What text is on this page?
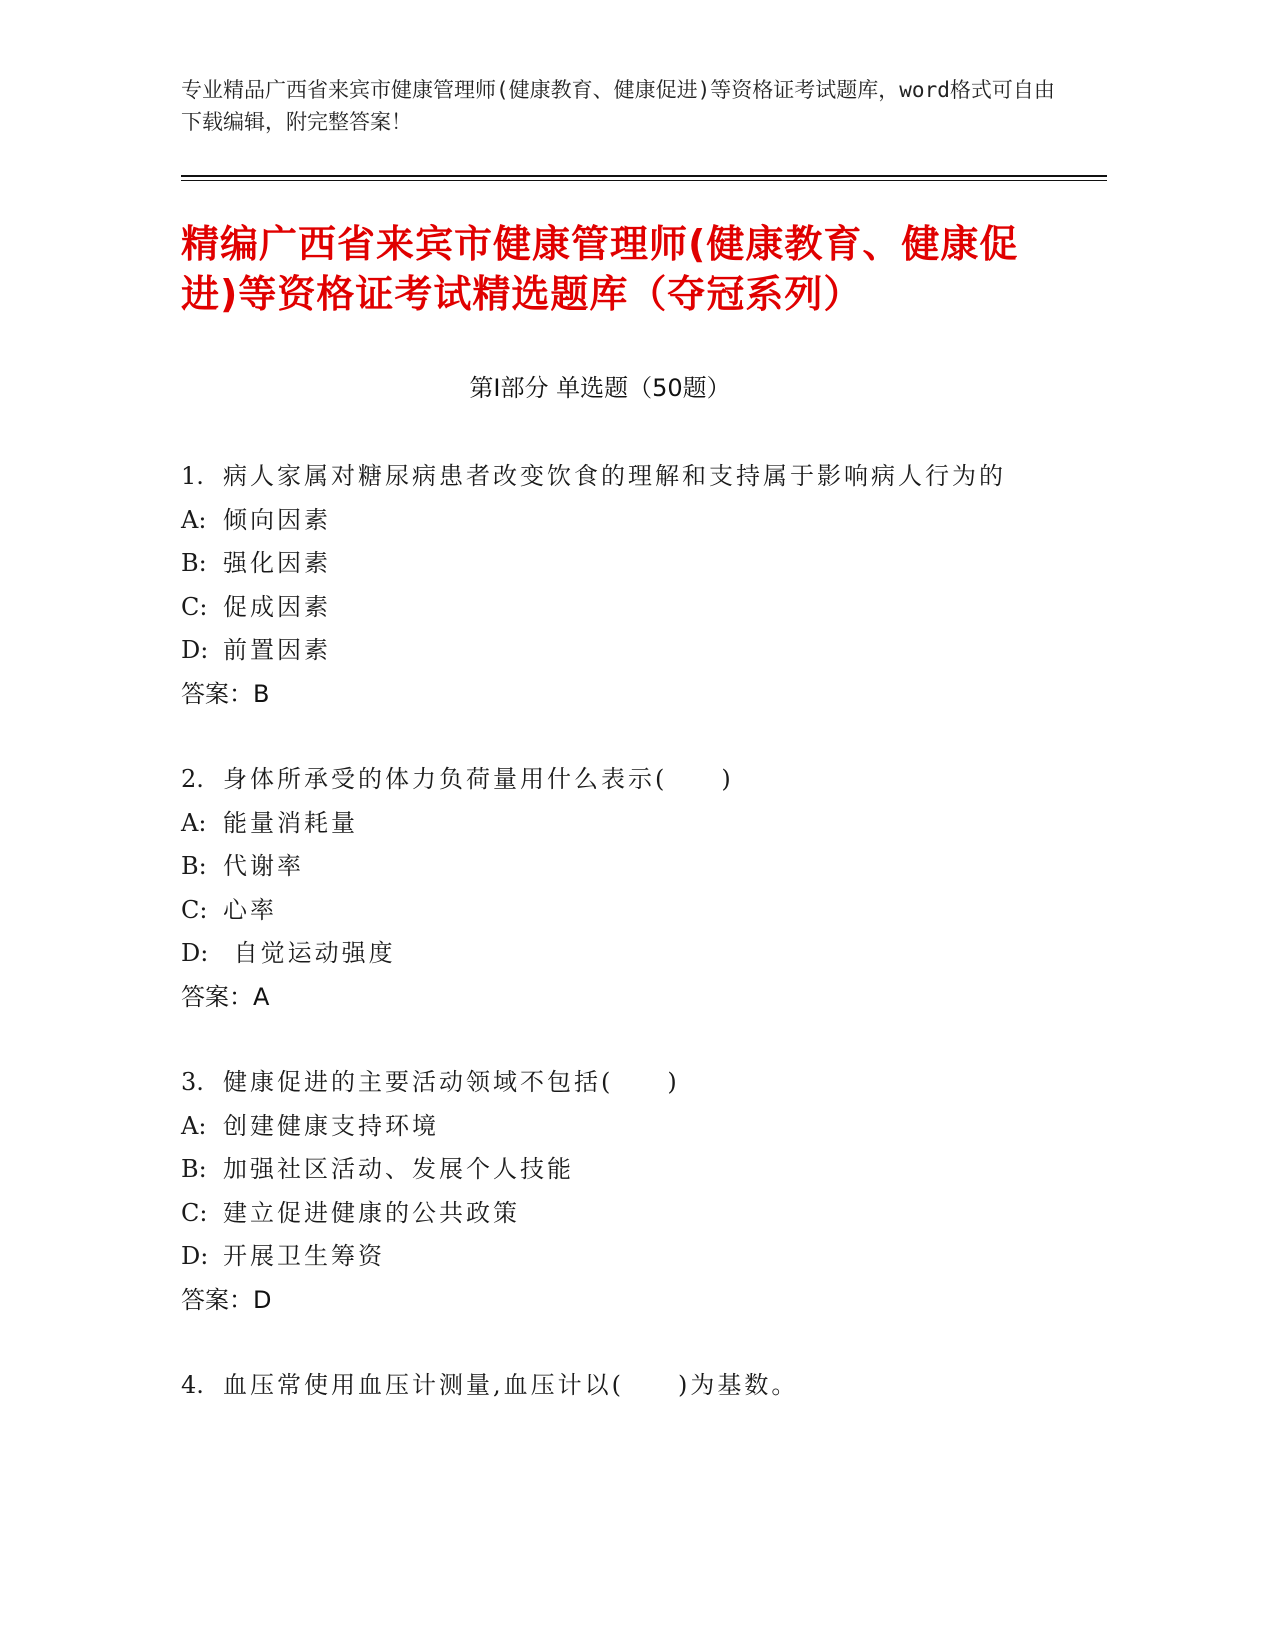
专业精品广西省来宾市健康管理师(健康教育、健康促进)等资格证考试题库，word格式可自由下载编辑，附完整答案！
精编广西省来宾市健康管理师(健康教育、健康促进)等资格证考试精选题库（夺冠系列）
第Ⅰ部分 单选题（50题）
1. 病人家属对糖尿病患者改变饮食的理解和支持属于影响病人行为的
A: 倾向因素
B: 强化因素
C: 促成因素
D: 前置因素
答案：B
2. 身体所承受的体力负荷量用什么表示(　　)
A: 能量消耗量
B: 代谢率
C: 心率
D: 自觉运动强度
答案：A
3. 健康促进的主要活动领域不包括(　　)
A: 创建健康支持环境
B: 加强社区活动、发展个人技能
C: 建立促进健康的公共政策
D: 开展卫生筹资
答案：D
4. 血压常使用血压计测量,血压计以(　　)为基数。
